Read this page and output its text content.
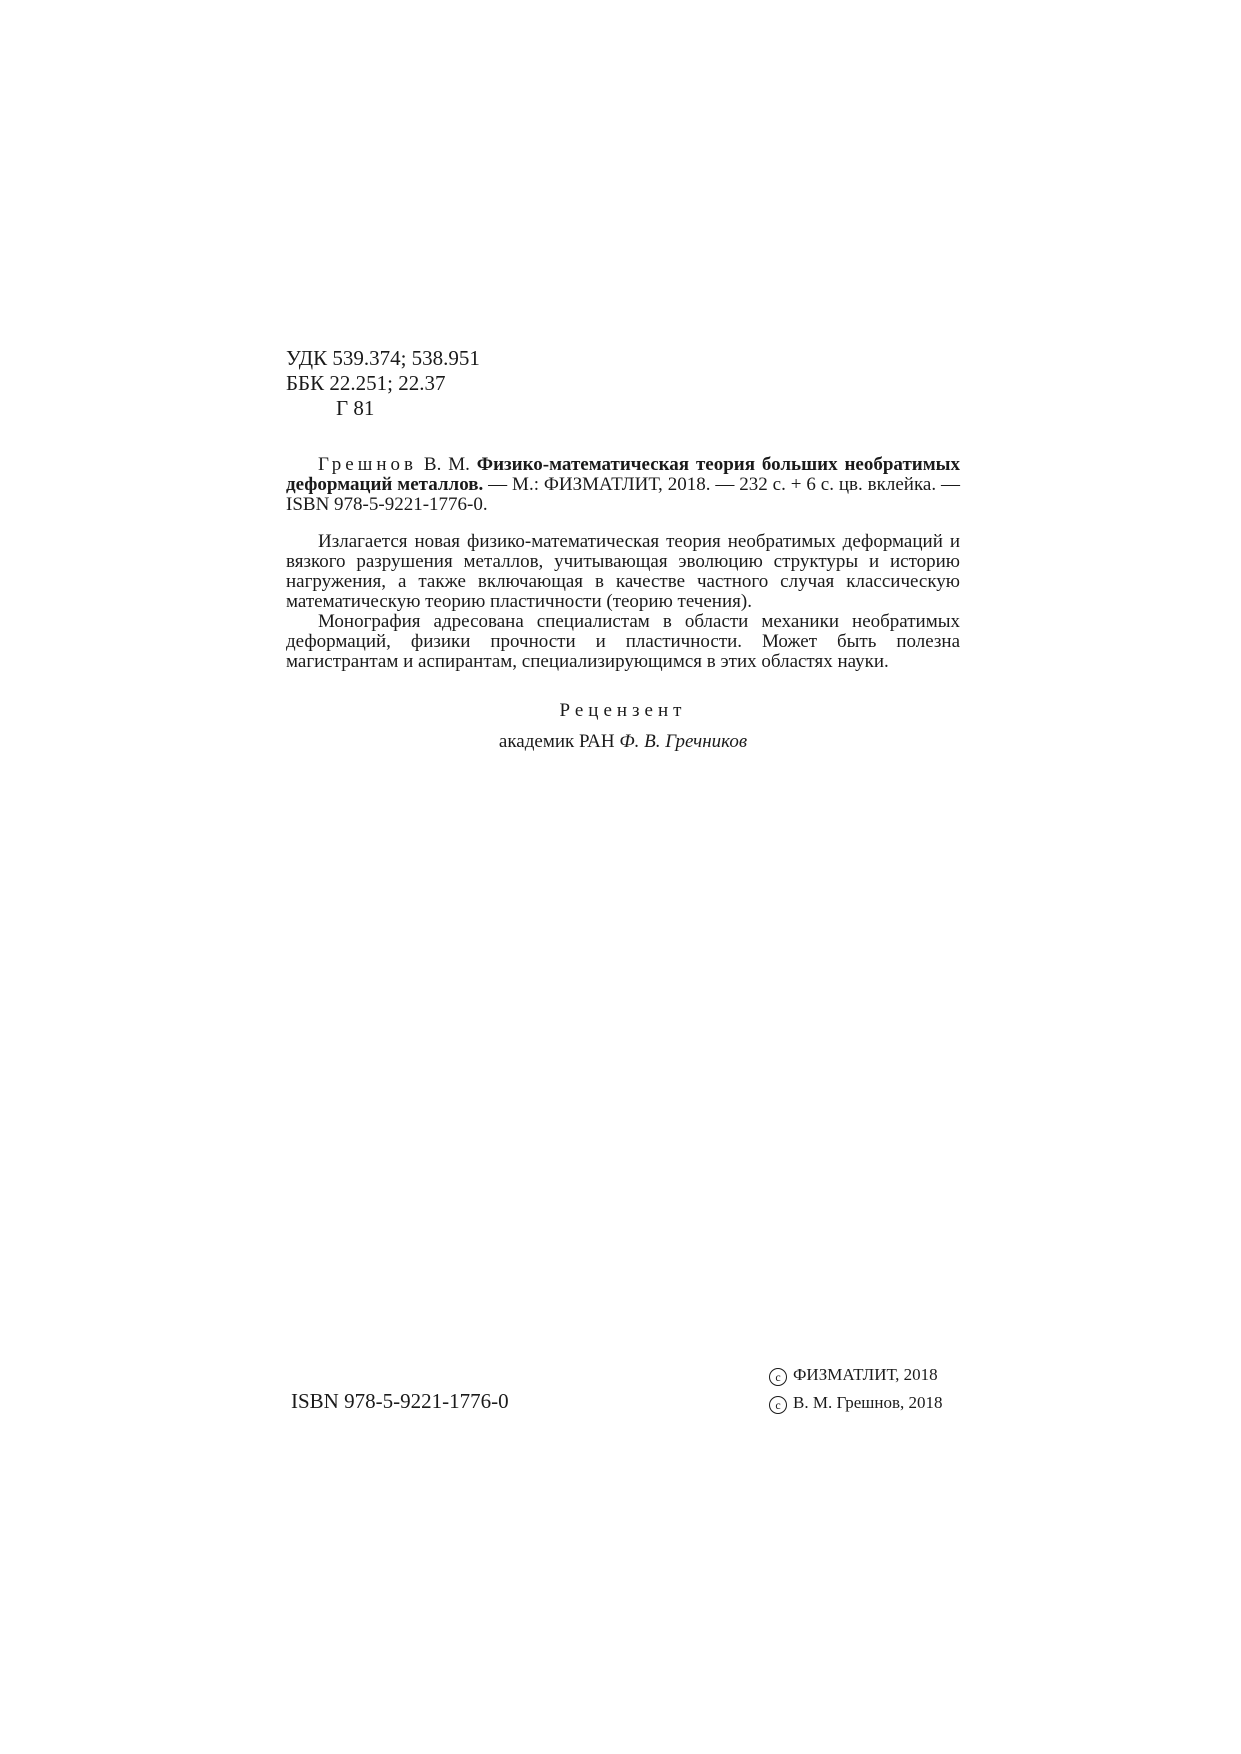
УДК 539.374; 538.951
ББК 22.251; 22.37
Г 81
Грешнов В. М. Физико-математическая теория больших необратимых деформаций металлов. — М.: ФИЗМАТЛИТ, 2018. — 232 с. + 6 с. цв. вклейка. — ISBN 978-5-9221-1776-0.

Излагается новая физико-математическая теория необратимых деформаций и вязкого разрушения металлов, учитывающая эволюцию структуры и историю нагружения, а также включающая в качестве частного случая классическую математическую теорию пластичности (теорию течения).

Монография адресована специалистам в области механики необратимых деформаций, физики прочности и пластичности. Может быть полезна магистрантам и аспирантам, специализирующимся в этих областях науки.

Рецензент
академик РАН Ф. В. Гречников
ISBN 978-5-9221-1776-0
c ФИЗМАТЛИТ, 2018
c В. М. Грешнов, 2018
